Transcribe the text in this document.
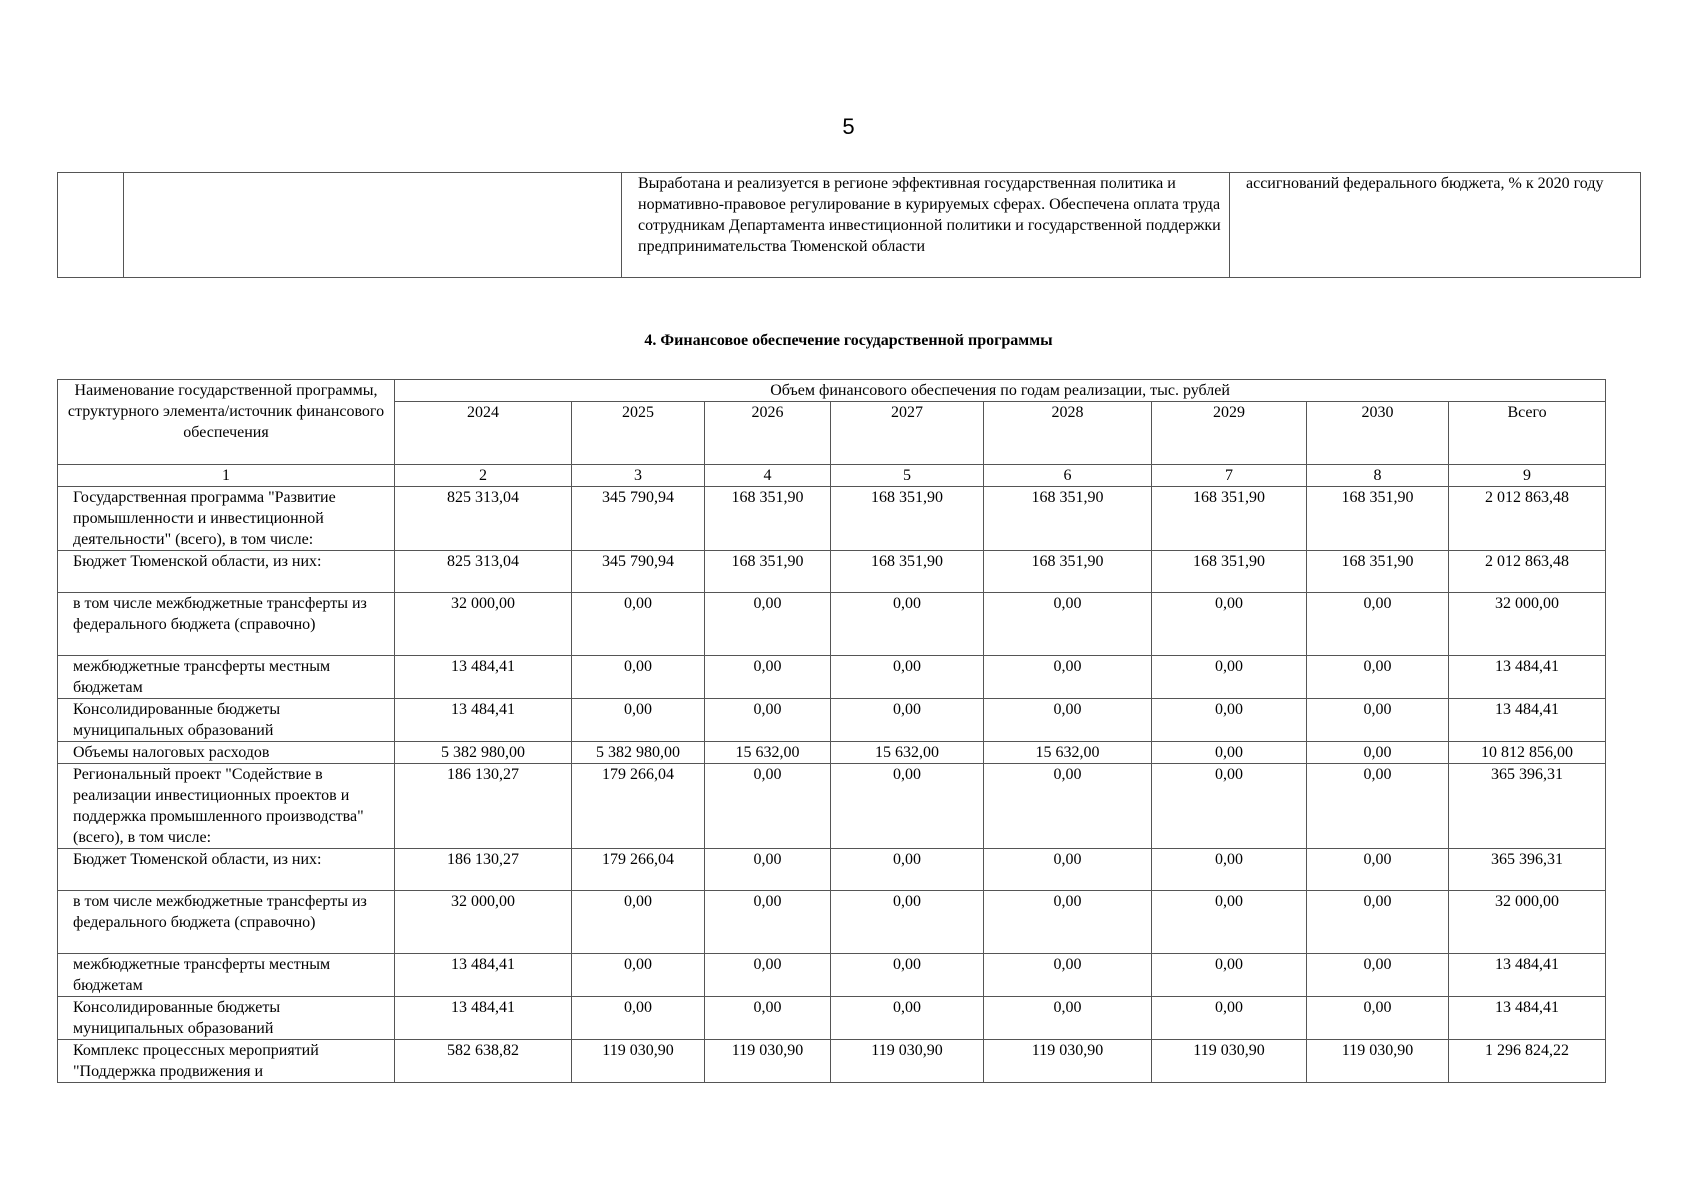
5
		Выработана и реализуется в регионе эффективная государственная политика и нормативно-правовое регулирование в курируемых сферах. Обеспечена оплата труда сотрудникам Департамента инвестиционной политики и государственной поддержки предпринимательства Тюменской области	ассигнований федерального бюджета, % к 2020 году
4. Финансовое обеспечение государственной программы
Наименование государственной программы, структурного элемента/источник финансового обеспечения	Объем финансового обеспечения по годам реализации, тыс. рублей							
	2024	2025	2026	2027	2028	2029	2030	Всего
1	2	3	4	5	6	7	8	9
Государственная программа "Развитие промышленности и инвестиционной деятельности" (всего), в том числе:	825 313,04	345 790,94	168 351,90	168 351,90	168 351,90	168 351,90	168 351,90	2 012 863,48
Бюджет Тюменской области, из них:	825 313,04	345 790,94	168 351,90	168 351,90	168 351,90	168 351,90	168 351,90	2 012 863,48
в том числе межбюджетные трансферты из федерального бюджета (справочно)	32 000,00	0,00	0,00	0,00	0,00	0,00	0,00	32 000,00
межбюджетные трансферты местным бюджетам	13 484,41	0,00	0,00	0,00	0,00	0,00	0,00	13 484,41
Консолидированные бюджеты муниципальных образований	13 484,41	0,00	0,00	0,00	0,00	0,00	0,00	13 484,41
Объемы налоговых расходов	5 382 980,00	5 382 980,00	15 632,00	15 632,00	15 632,00	0,00	0,00	10 812 856,00
Региональный проект "Содействие в реализации инвестиционных проектов и поддержка промышленного производства" (всего), в том числе:	186 130,27	179 266,04	0,00	0,00	0,00	0,00	0,00	365 396,31
Бюджет Тюменской области, из них:	186 130,27	179 266,04	0,00	0,00	0,00	0,00	0,00	365 396,31
в том числе межбюджетные трансферты из федерального бюджета (справочно)	32 000,00	0,00	0,00	0,00	0,00	0,00	0,00	32 000,00
межбюджетные трансферты местным бюджетам	13 484,41	0,00	0,00	0,00	0,00	0,00	0,00	13 484,41
Консолидированные бюджеты муниципальных образований	13 484,41	0,00	0,00	0,00	0,00	0,00	0,00	13 484,41
Комплекс процессных мероприятий "Поддержка продвижения и	582 638,82	119 030,90	119 030,90	119 030,90	119 030,90	119 030,90	119 030,90	1 296 824,22
